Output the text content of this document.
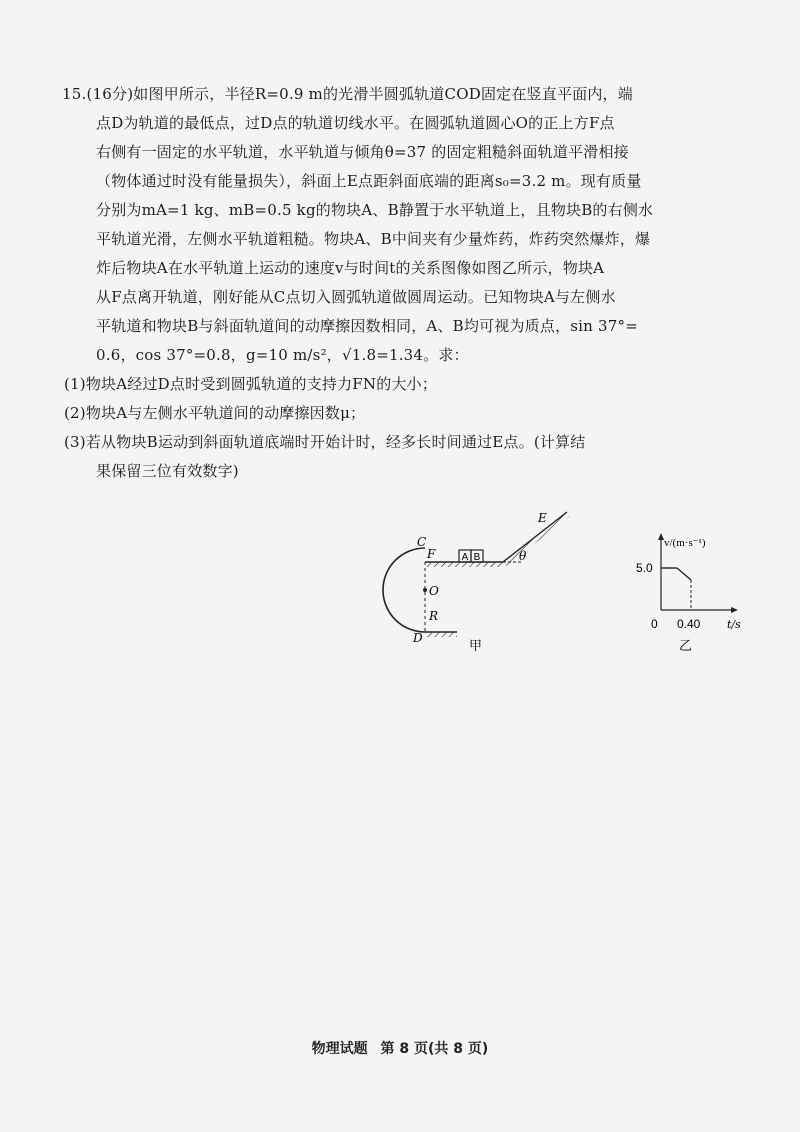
15.(16分)如图甲所示，半径R=0.9 m的光滑半圆弧轨道COD固定在竖直平面内，端
点D为轨道的最低点，过D点的轨道切线水平。在圆弧轨道圆心O的正上方F点
右侧有一固定的水平轨道，水平轨道与倾角θ=37 的固定粗糙斜面轨道平滑相接
（物体通过时没有能量损失），斜面上E点距斜面底端的距离s₀=3.2 m。现有质量
分别为mA=1 kg、mB=0.5 kg的物块A、B静置于水平轨道上，且物块B的右侧水
平轨道光滑，左侧水平轨道粗糙。物块A、B中间夹有少量炸药，炸药突然爆炸，爆
炸后物块A在水平轨道上运动的速度v与时间t的关系图像如图乙所示，物块A
从F点离开轨道，刚好能从C点切入圆弧轨道做圆周运动。已知物块A与左侧水
平轨道和物块B与斜面轨道间的动摩擦因数相同，A、B均可视为质点，sin 37°=
0.6，cos 37°=0.8，g=10 m/s²，√1.8=1.34。求：
(1)物块A经过D点时受到圆弧轨道的支持力FN的大小；
(2)物块A与左侧水平轨道间的动摩擦因数μ；
(3)若从物块B运动到斜面轨道底端时开始计时，经多长时间通过E点。(计算结
果保留三位有效数字)
A B
C
F
O
R
D
E
θ
甲
v/(m·s⁻¹)
5.0
0 0.40 t/s
乙
物理试题 第 8 页(共 8 页)
